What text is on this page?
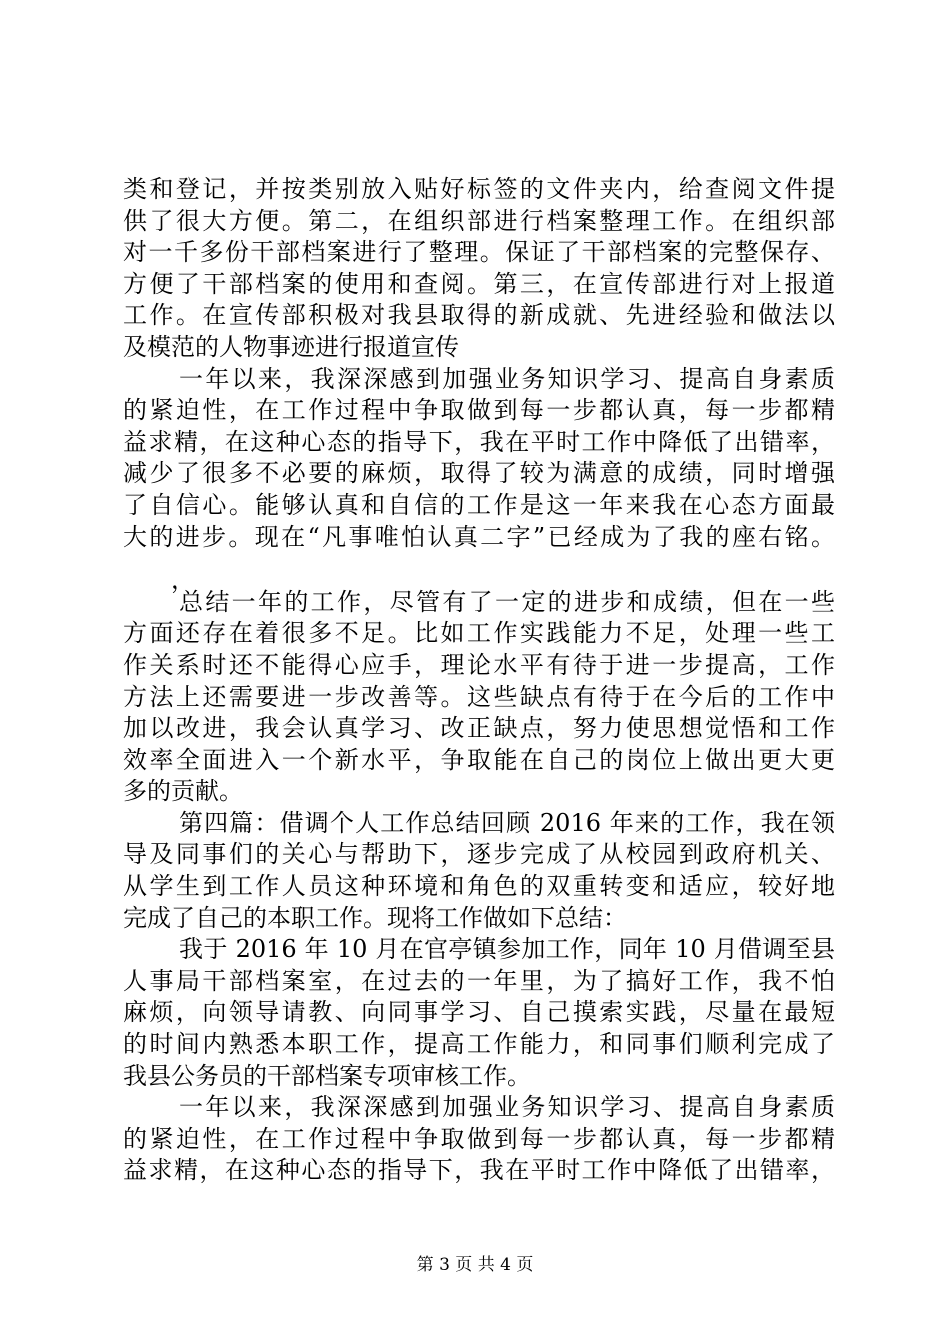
类和登记，并按类别放入贴好标签的文件夹内，给查阅文件提
供了很大方便。第二，在组织部进行档案整理工作。在组织部
对一千多份干部档案进行了整理。保证了干部档案的完整保存、
方便了干部档案的使用和查阅。第三，在宣传部进行对上报道
工作。在宣传部积极对我县取得的新成就、先进经验和做法以
及模范的人物事迹进行报道宣传
一年以来，我深深感到加强业务知识学习、提高自身素质
的紧迫性，在工作过程中争取做到每一步都认真，每一步都精
益求精，在这种心态的指导下，我在平时工作中降低了出错率，
减少了很多不必要的麻烦，取得了较为满意的成绩，同时增强
了自信心。能够认真和自信的工作是这一年来我在心态方面最
大的进步。现在“凡事唯怕认真二字”已经成为了我的座右铭。
，
总结一年的工作，尽管有了一定的进步和成绩，但在一些
方面还存在着很多不足。比如工作实践能力不足，处理一些工
作关系时还不能得心应手，理论水平有待于进一步提高，工作
方法上还需要进一步改善等。这些缺点有待于在今后的工作中
加以改进，我会认真学习、改正缺点，努力使思想觉悟和工作
效率全面进入一个新水平，争取能在自己的岗位上做出更大更
多的贡献。
第四篇：借调个人工作总结回顾 2016 年来的工作，我在领
导及同事们的关心与帮助下，逐步完成了从校园到政府机关、
从学生到工作人员这种环境和角色的双重转变和适应，较好地
完成了自己的本职工作。现将工作做如下总结：
我于 2016 年 10 月在官亭镇参加工作，同年 10 月借调至县
人事局干部档案室，在过去的一年里，为了搞好工作，我不怕
麻烦，向领导请教、向同事学习、自己摸索实践，尽量在最短
的时间内熟悉本职工作，提高工作能力，和同事们顺利完成了
我县公务员的干部档案专项审核工作。
一年以来，我深深感到加强业务知识学习、提高自身素质
的紧迫性，在工作过程中争取做到每一步都认真，每一步都精
益求精，在这种心态的指导下，我在平时工作中降低了出错率，
第 3 页 共 4 页
